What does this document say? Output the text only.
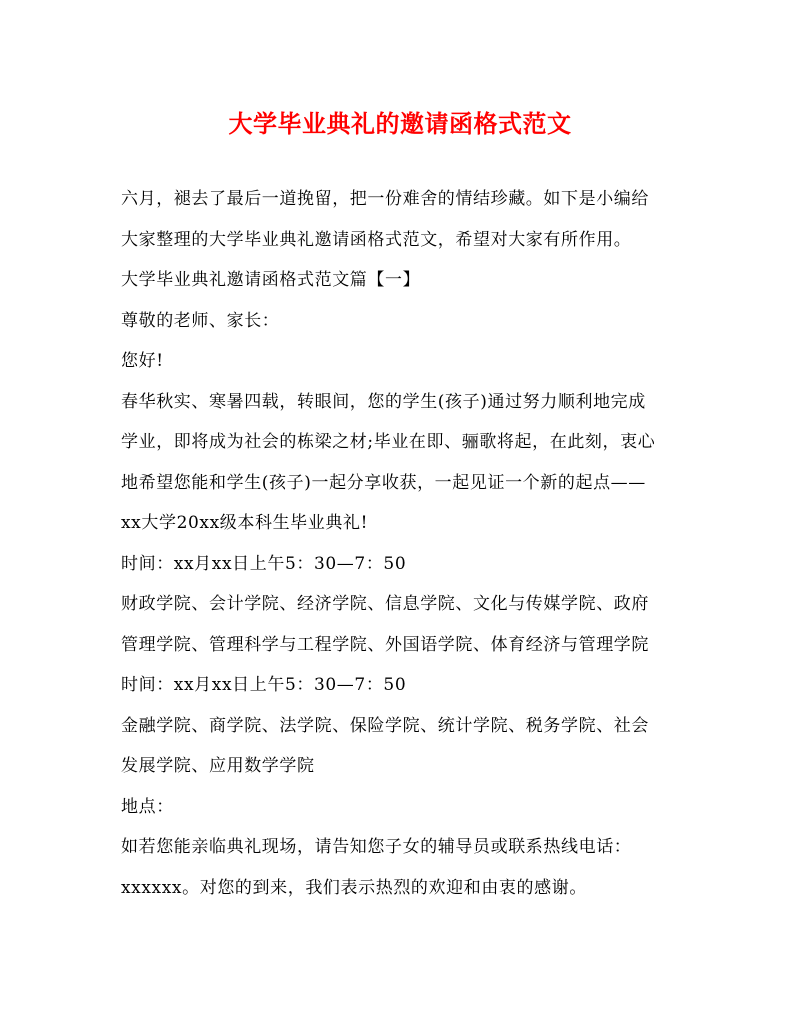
大学毕业典礼的邀请函格式范文
六月，褪去了最后一道挽留，把一份难舍的情结珍藏。如下是小编给
大家整理的大学毕业典礼邀请函格式范文，希望对大家有所作用。
大学毕业典礼邀请函格式范文篇【一】
尊敬的老师、家长：
您好!
春华秋实、寒暑四载，转眼间，您的学生(孩子)通过努力顺利地完成
学业，即将成为社会的栋梁之材;毕业在即、骊歌将起，在此刻，衷心
地希望您能和学生(孩子)一起分享收获，一起见证一个新的起点——
xx大学20xx级本科生毕业典礼!
时间：xx月xx日上午5：30—7：50
财政学院、会计学院、经济学院、信息学院、文化与传媒学院、政府
管理学院、管理科学与工程学院、外国语学院、体育经济与管理学院
时间：xx月xx日上午5：30—7：50
金融学院、商学院、法学院、保险学院、统计学院、税务学院、社会
发展学院、应用数学学院
地点：
如若您能亲临典礼现场，请告知您子女的辅导员或联系热线电话：
xxxxxx。对您的到来，我们表示热烈的欢迎和由衷的感谢。
